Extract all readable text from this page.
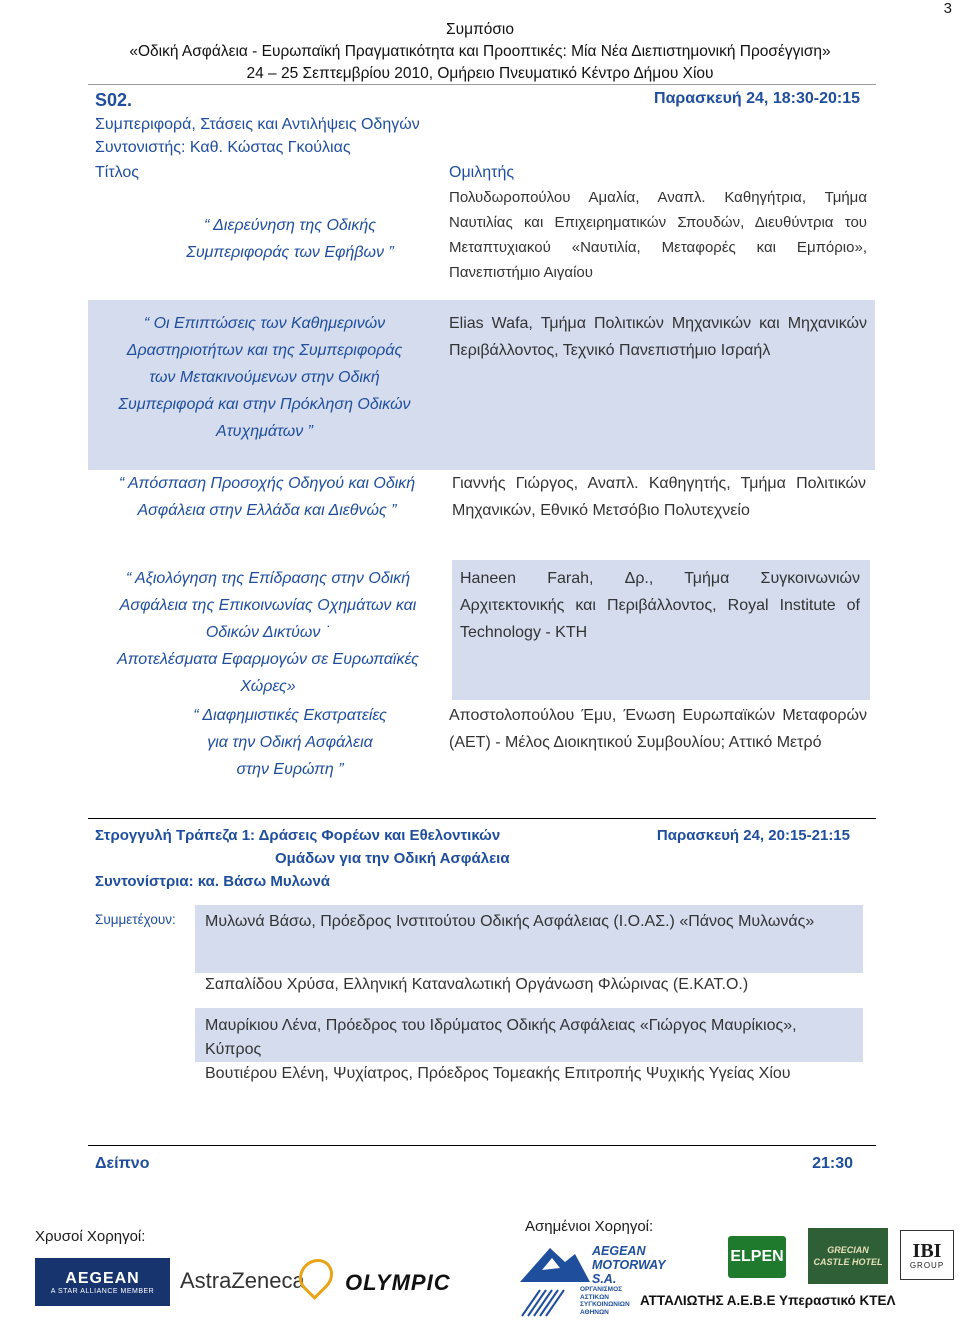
3
Συμπόσιο
«Οδική Ασφάλεια - Ευρωπαϊκή Πραγματικότητα και Προοπτικές: Μία Νέα Διεπιστημονική Προσέγγιση»
24 – 25 Σεπτεμβρίου 2010, Ομήρειο Πνευματικό Κέντρο Δήμου Χίου
S02.	Παρασκευή 24, 18:30-20:15
Συμπεριφορά, Στάσεις και Αντιλήψεις Οδηγών
Συντονιστής: Καθ. Κώστας Γκούλιας
Τίτλος	Ομιλητής
“ Διερεύνηση της Οδικής
Συμπεριφοράς των Εφήβων ”
Πολυδωροπούλου Αμαλία, Αναπλ. Καθηγήτρια, Τμήμα Ναυτιλίας και Επιχειρηματικών Σπουδών, Διευθύντρια του Μεταπτυχιακού «Ναυτιλία, Μεταφορές και Εμπόριο», Πανεπιστήμιο Αιγαίου
“ Οι Επιπτώσεις των Καθημερινών
Δραστηριοτήτων και της Συμπεριφοράς
των Μετακινούμενων στην Οδική
Συμπεριφορά και στην Πρόκληση Οδικών
Ατυχημάτων ”
Elias Wafa, Τμήμα Πολιτικών Μηχανικών και Μηχανικών Περιβάλλοντος, Τεχνικό Πανεπιστήμιο Ισραήλ
“ Απόσπαση Προσοχής Οδηγού και Οδική
Ασφάλεια στην Ελλάδα και Διεθνώς ”
Γιαννής Γιώργος, Αναπλ. Καθηγητής, Τμήμα Πολιτικών Μηχανικών, Εθνικό Μετσόβιο Πολυτεχνείο
“ Αξιολόγηση της Επίδρασης στην Οδική
Ασφάλεια της Επικοινωνίας Οχημάτων και
Οδικών Δικτύων ˙
Αποτελέσματα Εφαρμογών σε Ευρωπαϊκές
Χώρες»
Haneen Farah, Δρ., Τμήμα Συγκοινωνιών Αρχιτεκτονικής και Περιβάλλοντος, Royal Institute of Technology - KTH
“ Διαφημιστικές Εκστρατείες
για την Οδική Ασφάλεια
στην Ευρώπη ”
Αποστολοπούλου Έμυ, Ένωση Ευρωπαϊκών Μεταφορών (ΑΕΤ) - Μέλος Διοικητικού Συμβουλίου; Αττικό Μετρό
Στρογγυλή Τράπεζα 1: Δράσεις Φορέων και Εθελοντικών
Ομάδων για την Οδική Ασφάλεια
Παρασκευή 24, 20:15-21:15
Συντονίστρια: κα. Βάσω Μυλωνά
Συμμετέχουν: Μυλωνά Βάσω, Πρόεδρος Ινστιτούτου Οδικής Ασφάλειας (Ι.Ο.ΑΣ.) «Πάνος Μυλωνάς»
Σαπαλίδου Χρύσα, Ελληνική Καταναλωτική Οργάνωση Φλώρινας (Ε.ΚΑΤ.Ο.)
Μαυρίκιου Λένα, Πρόεδρος του Ιδρύματος Οδικής Ασφάλειας «Γιώργος Μαυρίκιος», Κύπρος
Βουτιέρου Ελένη, Ψυχίατρος, Πρόεδρος Τομεακής Επιτροπής Ψυχικής Υγείας Χίου
Δείπνο	21:30
Χρυσοί Χορηγοί:
Ασημένιοι Χορηγοί:
AEGEAN
A STAR ALLIANCE MEMBER AstraZeneca OLYMPIC
AEGEAN MOTORWAY S.A.
ΟΡΓΑΝΙΣΜΟΣ
ΑΣΤΙΚΩΝ
ΣΥΓΚΟΙΝΩΝΙΩΝ
ΑΘΗΝΩΝ
ELPEN	GRECIAN CASTLE HOTEL
IBI
GROUP
ΑΤΤΑΛΙΩΤΗΣ Α.Ε.Β.Ε Υπεραστικό ΚΤΕΛ
